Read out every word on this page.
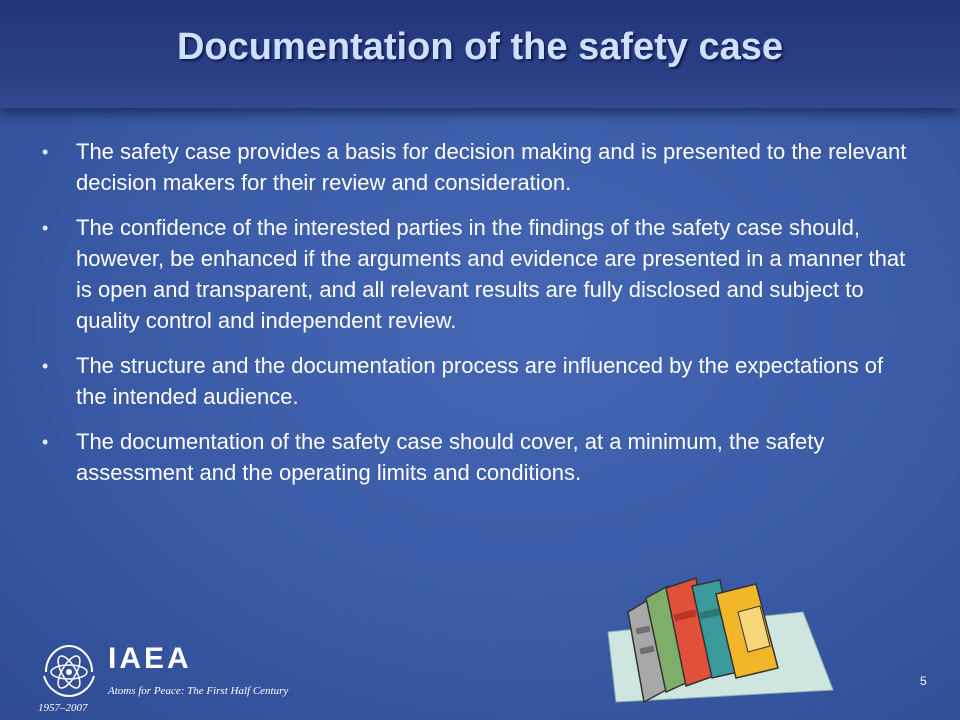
Documentation of the safety case
• The safety case provides a basis for decision making and is presented to the relevant decision makers for their review and consideration.
• The confidence of the interested parties in the findings of the safety case should, however, be enhanced if the arguments and evidence are presented in a manner that is open and transparent, and all relevant results are fully disclosed and subject to quality control and independent review.
• The structure and the documentation process are influenced by the expectations of the intended audience.
• The documentation of the safety case should cover, at a minimum, the safety assessment and the operating limits and conditions.
IAEA
Atoms for Peace: The First Half Century
1957–2007
5
